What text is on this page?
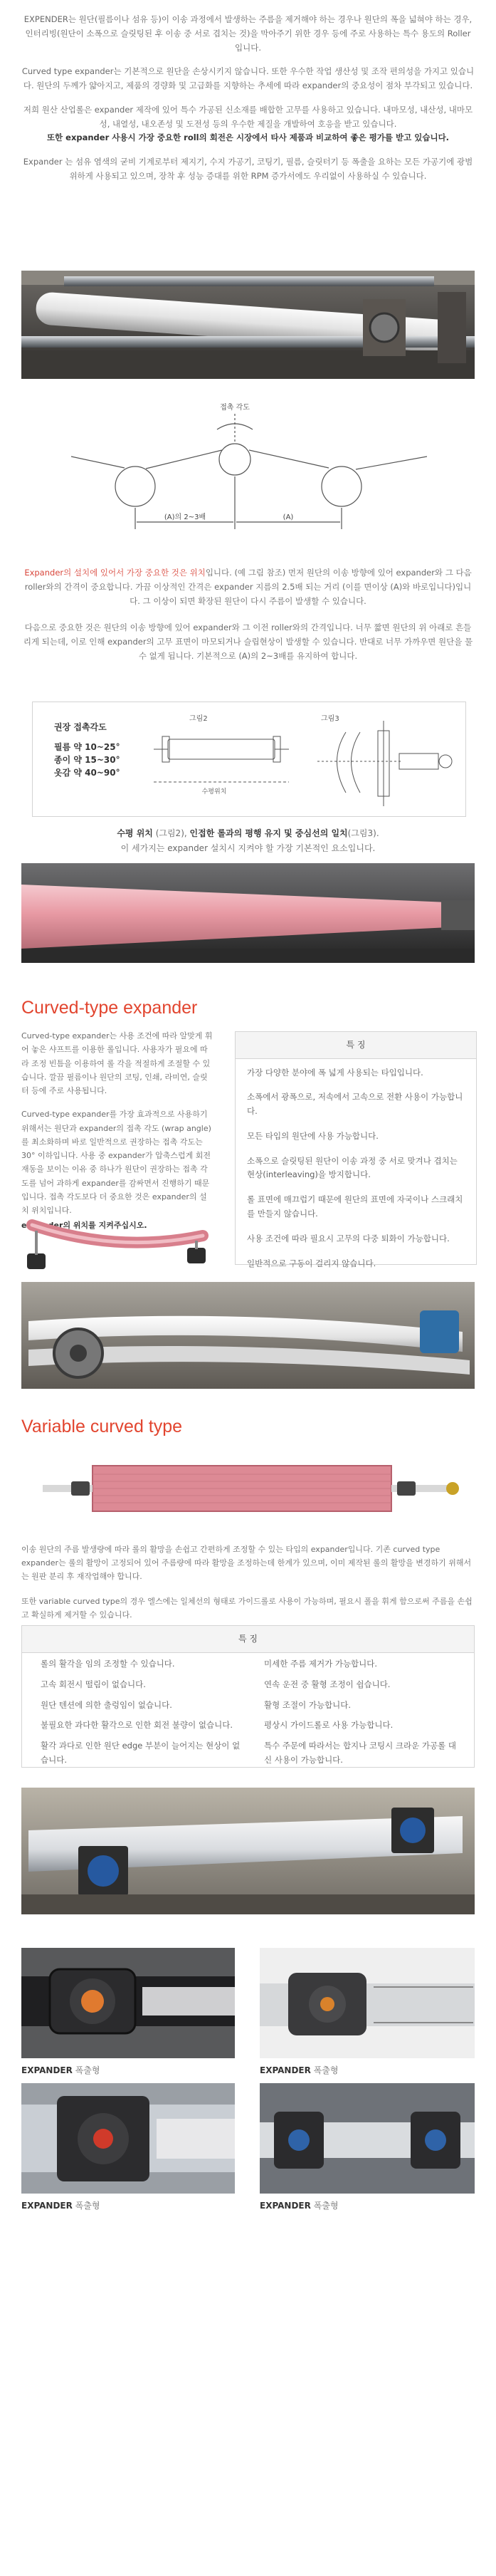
EXPENDER는 원단(필름이나 섬유 등)이 이송 과정에서 발생하는 주름을 제거해야 하는 경우나 원단의 폭을 넓혀야 하는 경우, 인터리빙(원단이 소폭으로 슬릿팅된 후 이송 중 서로 겹치는 것)을 막아주기 위한 경우 등에 주로 사용하는 특수 용도의 Roller입니다.

Curved type expander는 기본적으로 원단을 손상시키지 않습니다. 또한 우수한 작업 생산성 및 조작 편의성을 가지고 있습니다. 원단의 두께가 얇아지고, 제품의 경량화 및 고급화를 지향하는 추세에 따라 expander의 중요성이 점차 부각되고 있습니다.

저희 원산 산업롤은 expander 제작에 있어 특수 가공된 신소재를 배합한 고무를 사용하고 있습니다. 내마모성, 내산성, 내마모성, 내열성, 내오존성 및 도전성 등의 우수한 제질을 개발하여 호응을 받고 있습니다.
또한 expander 사용시 가장 중요한 roll의 회전은 시장에서 타사 제품과 비교하여 좋은 평가를 받고 있습니다.

Expander 는 섬유 염색의 굳비 기계로부터 제지기, 수지 가공기, 코팅기, 필름, 슬릿터기 등 폭출을 요하는 모든 가공기에 광범위하게 사용되고 있으며, 장착 후 성능 증대를 위한 RPM 증가서에도 우리없이 사용하실 수 있습니다.

접촉 각도
(A)의 2~3배	(A)

Expander의 설치에 있어서 가장 중요한 것은 위치입니다. (예 그림 참조) 먼저 원단의 이송 방향에 있어 expander와 그 다음 roller와의 간격이 중요합니다. 가끔 이상적인 간격은 expander 지름의 2.5배 되는 거리 (이를 면이상 (A)와 바로입니다)입니다. 그 이상이 되면 확장된 원단이 다시 주름이 발생할 수 있습니다.

다음으로 중요한 것은 원단의 이송 방향에 있어 expander와 그 이전 roller와의 간격입니다. 너무 짧면 원단의 위 아래로 흔들리게 되는데, 이로 인해 expander의 고무 표면이 마모되거나 슬립현상이 발생할 수 있습니다. 반대로 너무 가까우면 원단을 물 수 없게 됩니다. 기본적으로 (A)의 2~3배를 유지하여 합니다.

권장 접촉각도
필름 약 10~25°
종이 약 15~30°
옷감 약 40~90°
그림2	그림3
수평위치

수평 위치 (그림2), 인접한 롤과의 평행 유지 및 중심선의 일치(그림3).

이 세가지는 expander 설치시 지켜야 할 가장 기본적인 요소입니다.

Curved-type expander

Curved-type expander는 사용 조건에 따라 알맞게 휘어 놓은 샤프트를 이용한 롤입니다. 사용자가 필요에 따라 조정 빈틈을 이용하여 롤 각을 적절하게 조절할 수 있습니다. 깔끔 필름이나 원단의 코팅, 인쇄, 라미연, 슬릿터 등에 주로 사용됩니다.

Curved-type expander를 가장 효과적으로 사용하기 위해서는 원단과 expander의 접촉 각도 (wrap angle)를 최소화하며 바로 일반적으로 권장하는 접촉 각도는 30° 이하입니다. 사용 중 expander가 압축스럽게 회전 재동을 보이는 이유 중 하나가 원단이 권장하는 접촉 각도를 넘어 과하게 expander를 감싸면서 진행하기 때문입니다. 접촉 각도보다 더 중요한 것은 expander의 설치 위치입니다.

expander의 위치를 지켜주십시오.

특 징
가장 다양한 분야에 폭 넓게 사용되는 타입입니다.
소폭에서 광폭으로, 저속에서 고속으로 전환 사용이 가능합니다.
모든 타입의 원단에 사용 가능합니다.
소폭으로 슬릿팅된 원단이 이송 과정 중 서로 맞겨나 겹치는 현상(interleaving)을 방지합니다.
롤 표면에 매끄럽기 때문에 원단의 표면에 자국이나 스크래치를 만들지 않습니다.
사용 조건에 따라 필요시 고무의 다중 퇴화이 가능합니다.
일반적으로 구동이 걸리지 않습니다.
Variable curved type

이송 원단의 주름 발생량에 따라 롤의 활망을 손쉽고 간편하게 조정할 수 있는 타입의 expander입니다. 기존 curved type expander는 롤의 활망이 고정되어 있어 주름량에 따라 활망을 조정하는데 한계가 있으며, 이미 제작된 롤의 활망을 변경하기 위해서는 원판 분리 후 재작업해야 합니다.

또한 variable curved type의 경우 엘스에는 일체선의 형태로 가이드롤로 사용이 가능하며, 필요시 폴을 휘게 함으로써 주름을 손쉽고 확실하게 제거할 수 있습니다.

특 징
롤의 활각을 임의 조정할 수 있습니다.
고속 회전시 떨림이 없습니다.
원단 텐션에 의한 출렁임이 없습니다.
불필요한 과다한 활각으로 인한 회전 불량이 없습니다.
활각 과다로 인한 원단 edge 부분이 늘어지는 현상이 없습니다.
미세한 주름 제거가 가능합니다.
연속 운전 중 활형 조정이 쉽습니다.
활형 조절이 가능합니다.
평상시 가이드롤로 사용 가능합니다.
특수 주문에 따라서는 합지나 코팅시 크라운 가공롤 대신 사용이 가능합니다.
EXPANDER 폭출형	EXPANDER 폭출형
EXPANDER 폭출형	EXPANDER 폭출형
